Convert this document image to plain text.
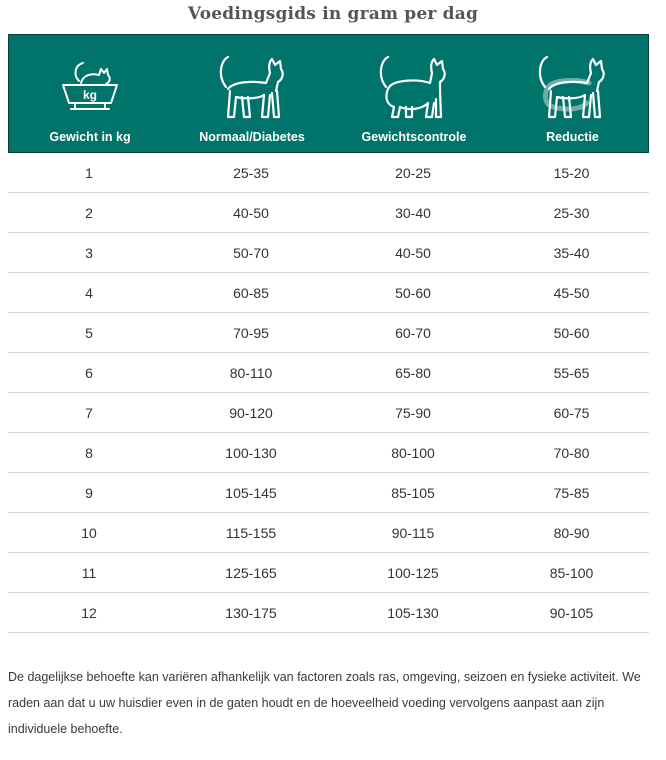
Voedingsgids in gram per dag
kg
Gewicht in kg	Normaal/Diabetes	Gewichtscontrole	Reductie
1	25-35	20-25	15-20
2	40-50	30-40	25-30
3	50-70	40-50	35-40
4	60-85	50-60	45-50
5	70-95	60-70	50-60
6	80-110	65-80	55-65
7	90-120	75-90	60-75
8	100-130	80-100	70-80
9	105-145	85-105	75-85
10	115-155	90-115	80-90
11	125-165	100-125	85-100
12	130-175	105-130	90-105
De dagelijkse behoefte kan variëren afhankelijk van factoren zoals ras, omgeving, seizoen en fysieke activiteit. We raden aan dat u uw huisdier even in de gaten houdt en de hoeveelheid voeding vervolgens aanpast aan zijn individuele behoefte.
